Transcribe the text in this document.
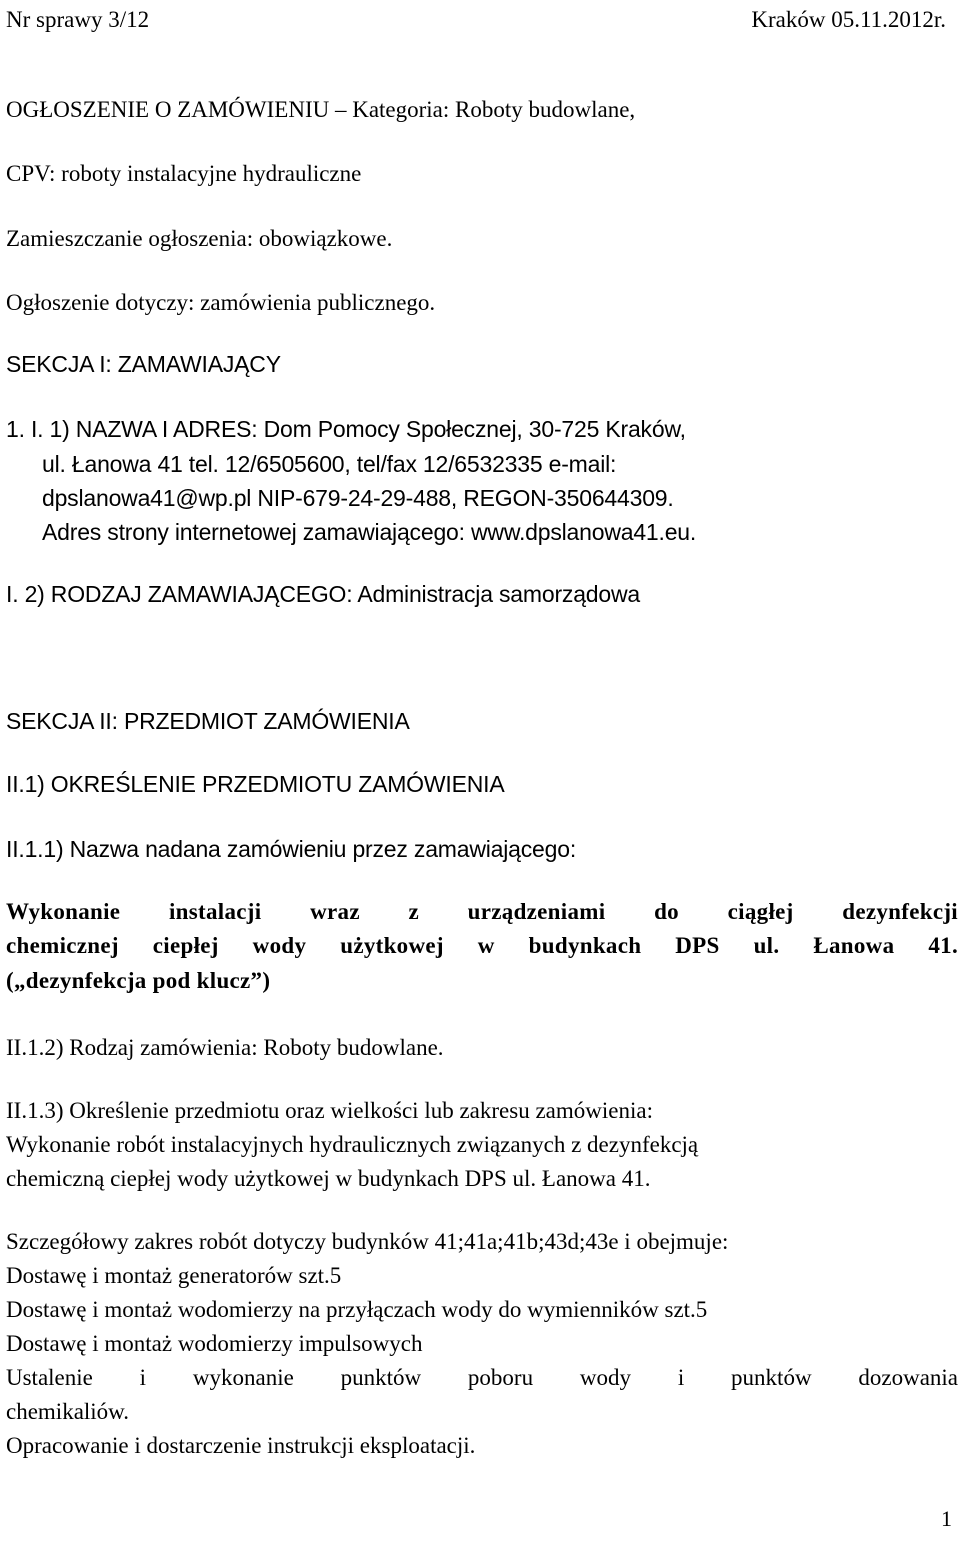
Nr sprawy 3/12	Kraków 05.11.2012r.
OGŁOSZENIE O ZAMÓWIENIU – Kategoria: Roboty budowlane,
CPV: roboty instalacyjne hydrauliczne
Zamieszczanie ogłoszenia: obowiązkowe.
Ogłoszenie dotyczy: zamówienia publicznego.
SEKCJA I: ZAMAWIAJĄCY
1. I. 1) NAZWA I ADRES: Dom Pomocy Społecznej, 30-725 Kraków,
ul. Łanowa 41 tel. 12/6505600, tel/fax 12/6532335 e-mail:
dpslanowa41@wp.pl NIP-679-24-29-488, REGON-350644309.
Adres strony internetowej zamawiającego: www.dpslanowa41.eu.
I. 2) RODZAJ ZAMAWIAJĄCEGO: Administracja samorządowa
SEKCJA II: PRZEDMIOT ZAMÓWIENIA
II.1) OKREŚLENIE PRZEDMIOTU ZAMÓWIENIA
II.1.1) Nazwa nadana zamówieniu przez zamawiającego:
Wykonanie instalacji wraz z urządzeniami do ciągłej dezynfekcji
chemicznej ciepłej wody użytkowej w budynkach DPS ul. Łanowa 41.
(„dezynfekcja pod klucz”)
II.1.2) Rodzaj zamówienia: Roboty budowlane.
II.1.3) Określenie przedmiotu oraz wielkości lub zakresu zamówienia:
Wykonanie robót instalacyjnych hydraulicznych związanych z dezynfekcją
chemiczną ciepłej wody użytkowej w budynkach DPS ul. Łanowa 41.
Szczegółowy zakres robót dotyczy budynków 41;41a;41b;43d;43e i obejmuje:
Dostawę i montaż generatorów szt.5
Dostawę i montaż wodomierzy na przyłączach wody do wymienników szt.5
Dostawę i montaż wodomierzy impulsowych
Ustalenie i wykonanie punktów poboru wody i punktów dozowania
chemikaliów.
Opracowanie i dostarczenie instrukcji eksploatacji.
1
